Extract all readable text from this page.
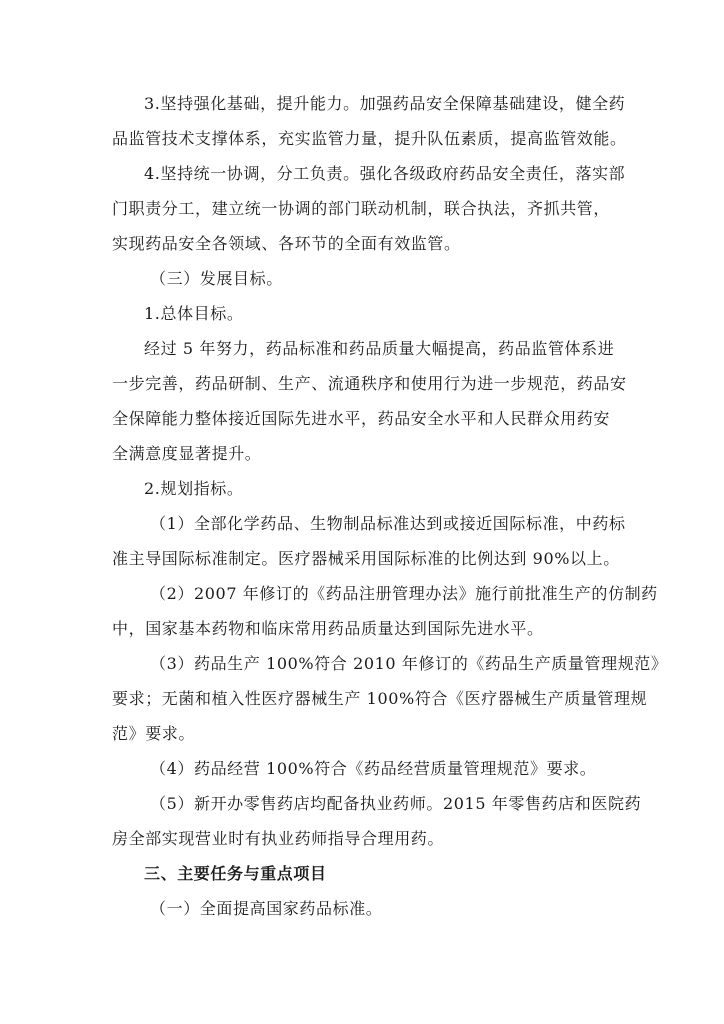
3.坚持强化基础，提升能力。加强药品安全保障基础建设，健全药
品监管技术支撑体系，充实监管力量，提升队伍素质，提高监管效能。
4.坚持统一协调，分工负责。强化各级政府药品安全责任，落实部
门职责分工，建立统一协调的部门联动机制，联合执法，齐抓共管，
实现药品安全各领域、各环节的全面有效监管。
（三）发展目标。
1.总体目标。
经过 5 年努力，药品标准和药品质量大幅提高，药品监管体系进
一步完善，药品研制、生产、流通秩序和使用行为进一步规范，药品安
全保障能力整体接近国际先进水平，药品安全水平和人民群众用药安
全满意度显著提升。
2.规划指标。
（1）全部化学药品、生物制品标准达到或接近国际标准，中药标
准主导国际标准制定。医疗器械采用国际标准的比例达到 90%以上。
（2）2007 年修订的《药品注册管理办法》施行前批准生产的仿制药
中，国家基本药物和临床常用药品质量达到国际先进水平。
（3）药品生产 100%符合 2010 年修订的《药品生产质量管理规范》
要求；无菌和植入性医疗器械生产 100%符合《医疗器械生产质量管理规
范》要求。
（4）药品经营 100%符合《药品经营质量管理规范》要求。
（5）新开办零售药店均配备执业药师。2015 年零售药店和医院药
房全部实现营业时有执业药师指导合理用药。
三、主要任务与重点项目
（一）全面提高国家药品标准。
